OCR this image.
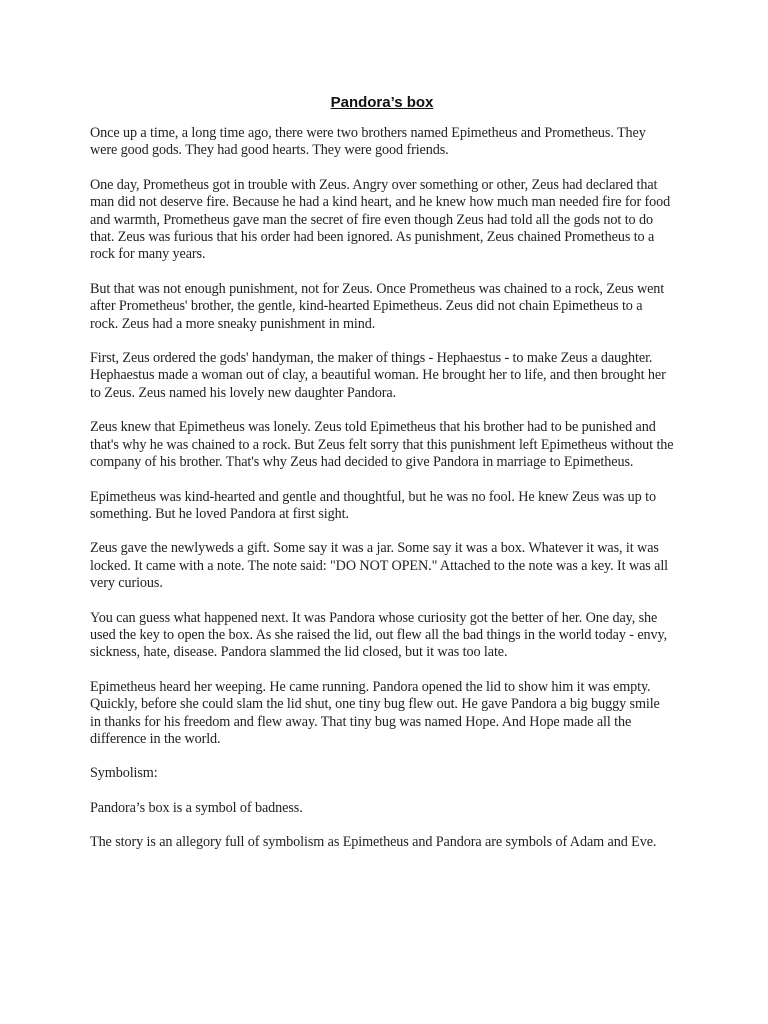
Pandora’s box

Once up a time, a long time ago, there were two brothers named Epimetheus and Prometheus. They were good gods. They had good hearts. They were good friends.

One day, Prometheus got in trouble with Zeus. Angry over something or other, Zeus had declared that man did not deserve fire. Because he had a kind heart, and he knew how much man needed fire for food and warmth, Prometheus gave man the secret of fire even though Zeus had told all the gods not to do that. Zeus was furious that his order had been ignored. As punishment, Zeus chained Prometheus to a rock for many years.

But that was not enough punishment, not for Zeus. Once Prometheus was chained to a rock, Zeus went after Prometheus' brother, the gentle, kind-hearted Epimetheus. Zeus did not chain Epimetheus to a rock. Zeus had a more sneaky punishment in mind.

First, Zeus ordered the gods' handyman, the maker of things - Hephaestus - to make Zeus a daughter. Hephaestus made a woman out of clay, a beautiful woman. He brought her to life, and then brought her to Zeus. Zeus named his lovely new daughter Pandora.

Zeus knew that Epimetheus was lonely. Zeus told Epimetheus that his brother had to be punished and that's why he was chained to a rock. But Zeus felt sorry that this punishment left Epimetheus without the company of his brother. That's why Zeus had decided to give Pandora in marriage to Epimetheus.

Epimetheus was kind-hearted and gentle and thoughtful, but he was no fool. He knew Zeus was up to something. But he loved Pandora at first sight.

Zeus gave the newlyweds a gift. Some say it was a jar. Some say it was a box. Whatever it was, it was locked. It came with a note. The note said: "DO NOT OPEN." Attached to the note was a key. It was all very curious.

You can guess what happened next. It was Pandora whose curiosity got the better of her. One day, she used the key to open the box. As she raised the lid, out flew all the bad things in the world today - envy, sickness, hate, disease. Pandora slammed the lid closed, but it was too late.

Epimetheus heard her weeping. He came running. Pandora opened the lid to show him it was empty. Quickly, before she could slam the lid shut, one tiny bug flew out. He gave Pandora a big buggy smile in thanks for his freedom and flew away. That tiny bug was named Hope. And Hope made all the difference in the world.

Symbolism:

Pandora’s box is a symbol of badness.

The story is an allegory full of symbolism as Epimetheus and Pandora are symbols of Adam and Eve.
